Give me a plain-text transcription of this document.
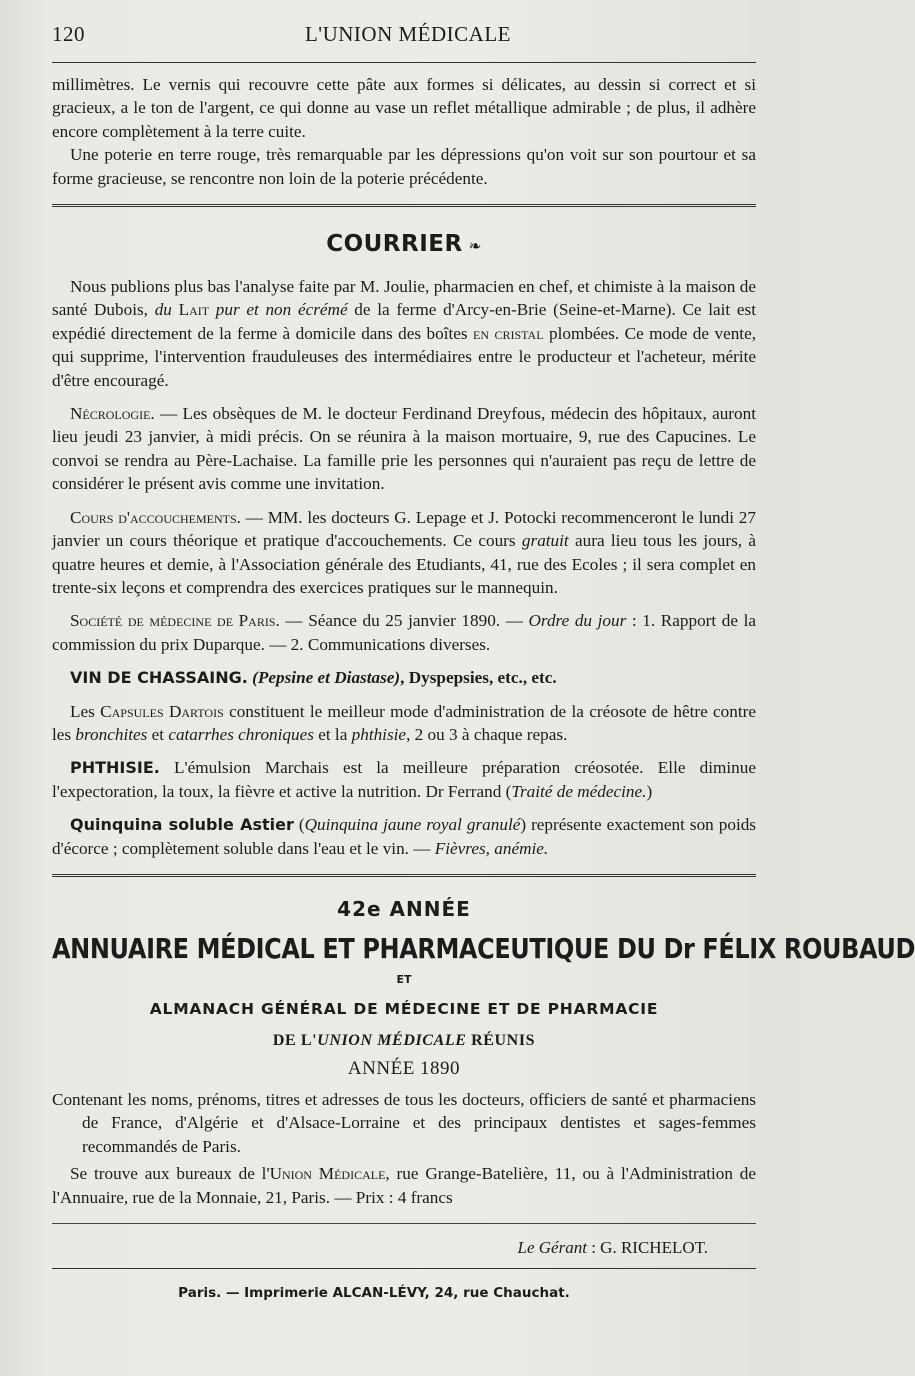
120	L'UNION MÉDICALE

millimètres. Le vernis qui recouvre cette pâte aux formes si délicates, au dessin si correct et si gracieux, a le ton de l'argent, ce qui donne au vase un reflet métallique admirable ; de plus, il adhère encore complètement à la terre cuite.

Une poterie en terre rouge, très remarquable par les dépressions qu'on voit sur son pourtour et sa forme gracieuse, se rencontre non loin de la poterie précédente.

COURRIER ❧

Nous publions plus bas l'analyse faite par M. Joulie, pharmacien en chef, et chimiste à la maison de santé Dubois, du Lait pur et non écrémé de la ferme d'Arcy-en-Brie (Seine-et-Marne). Ce lait est expédié directement de la ferme à domicile dans des boîtes en cristal plombées. Ce mode de vente, qui supprime, l'intervention frauduleuses des intermédiaires entre le producteur et l'acheteur, mérite d'être encouragé.

Nécrologie. — Les obsèques de M. le docteur Ferdinand Dreyfous, médecin des hôpitaux, auront lieu jeudi 23 janvier, à midi précis. On se réunira à la maison mortuaire, 9, rue des Capucines. Le convoi se rendra au Père-Lachaise. La famille prie les personnes qui n'auraient pas reçu de lettre de considérer le présent avis comme une invitation.

Cours d'accouchements. — MM. les docteurs G. Lepage et J. Potocki recommenceront le lundi 27 janvier un cours théorique et pratique d'accouchements. Ce cours gratuit aura lieu tous les jours, à quatre heures et demie, à l'Association générale des Etudiants, 41, rue des Ecoles ; il sera complet en trente-six leçons et comprendra des exercices pratiques sur le mannequin.

Société de médecine de Paris. — Séance du 25 janvier 1890. — Ordre du jour : 1. Rapport de la commission du prix Duparque. — 2. Communications diverses.

VIN DE CHASSAING. (Pepsine et Diastase), Dyspepsies, etc., etc.

Les Capsules Dartois constituent le meilleur mode d'administration de la créosote de hêtre contre les bronchites et catarrhes chroniques et la phthisie, 2 ou 3 à chaque repas.

PHTHISIE. L'émulsion Marchais est la meilleure préparation créosotée. Elle diminue l'expectoration, la toux, la fièvre et active la nutrition. Dr Ferrand (Traité de médecine.)

Quinquina soluble Astier (Quinquina jaune royal granulé) représente exactement son poids d'écorce ; complètement soluble dans l'eau et le vin. — Fièvres, anémie.

42e ANNÉE
ANNUAIRE MÉDICAL ET PHARMACEUTIQUE DU Dr FÉLIX ROUBAUD
ET
ALMANACH GÉNÉRAL DE MÉDECINE ET DE PHARMACIE
DE L'UNION MÉDICALE RÉUNIS
ANNÉE 1890

Contenant les noms, prénoms, titres et adresses de tous les docteurs, officiers de santé et pharmaciens de France, d'Algérie et d'Alsace-Lorraine et des principaux dentistes et sages-femmes recommandés de Paris.

Se trouve aux bureaux de l'Union Médicale, rue Grange-Batelière, 11, ou à l'Administration de l'Annuaire, rue de la Monnaie, 21, Paris. — Prix : 4 francs

Le Gérant : G. RICHELOT.
Paris. — Imprimerie ALCAN-LÉVY, 24, rue Chauchat.
